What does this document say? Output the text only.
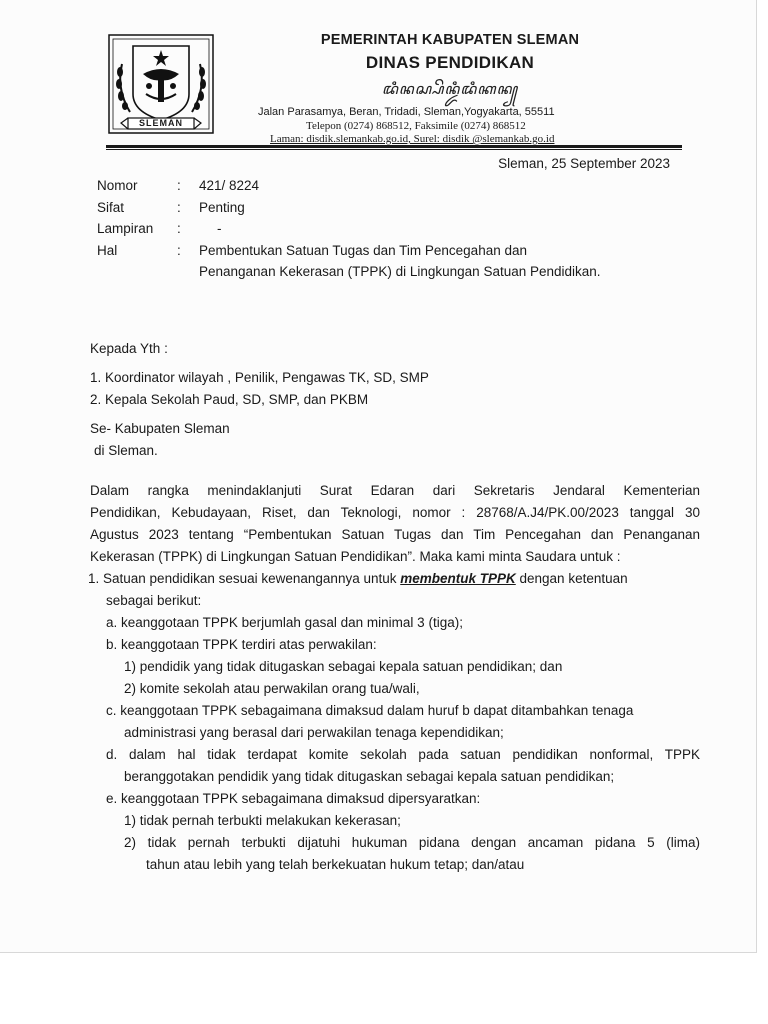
SLEMAN
PEMERINTAH KABUPATEN SLEMAN
DINAS PENDIDIKAN
ꦢꦶꦤꦱ꧀ꦥꦼꦤ꧀ꦢꦶꦢꦶꦏꦤ꧀
Jalan Parasamya, Beran, Tridadi, Sleman,Yogyakarta, 55511
Telepon (0274) 868512, Faksimile (0274) 868512
Laman: disdik.slemankab.go.id, Surel: disdik @slemankab.go.id
Sleman, 25 September 2023
Nomor	: 421/ 8224
Sifat	: Penting
Lampiran :	-
Hal	: Pembentukan Satuan Tugas dan Tim Pencegahan dan
Penanganan Kekerasan (TPPK) di Lingkungan Satuan Pendidikan.

Kepada Yth :

1. Koordinator wilayah , Penilik, Pengawas TK, SD, SMP

2. Kepala Sekolah Paud, SD, SMP, dan PKBM

Se- Kabupaten Sleman

di Sleman.

Dalam rangka menindaklanjuti Surat Edaran dari Sekretaris Jendaral Kementerian

Pendidikan, Kebudayaan, Riset, dan Teknologi, nomor : 28768/A.J4/PK.00/2023 tanggal 30

Agustus 2023 tentang “Pembentukan Satuan Tugas dan Tim Pencegahan dan Penanganan

Kekerasan (TPPK) di Lingkungan Satuan Pendidikan”. Maka kami minta Saudara untuk :

1. Satuan pendidikan sesuai kewenangannya untuk membentuk TPPK dengan ketentuan

sebagai berikut:

a. keanggotaan TPPK berjumlah gasal dan minimal 3 (tiga);

b. keanggotaan TPPK terdiri atas perwakilan:

1) pendidik yang tidak ditugaskan sebagai kepala satuan pendidikan; dan

2) komite sekolah atau perwakilan orang tua/wali,

c. keanggotaan TPPK sebagaimana dimaksud dalam huruf b dapat ditambahkan tenaga

administrasi yang berasal dari perwakilan tenaga kependidikan;

d. dalam hal tidak terdapat komite sekolah pada satuan pendidikan nonformal, TPPK

beranggotakan pendidik yang tidak ditugaskan sebagai kepala satuan pendidikan;

e. keanggotaan TPPK sebagaimana dimaksud dipersyaratkan:

1) tidak pernah terbukti melakukan kekerasan;

2) tidak pernah terbukti dijatuhi hukuman pidana dengan ancaman pidana 5 (lima)

tahun atau lebih yang telah berkekuatan hukum tetap; dan/atau
